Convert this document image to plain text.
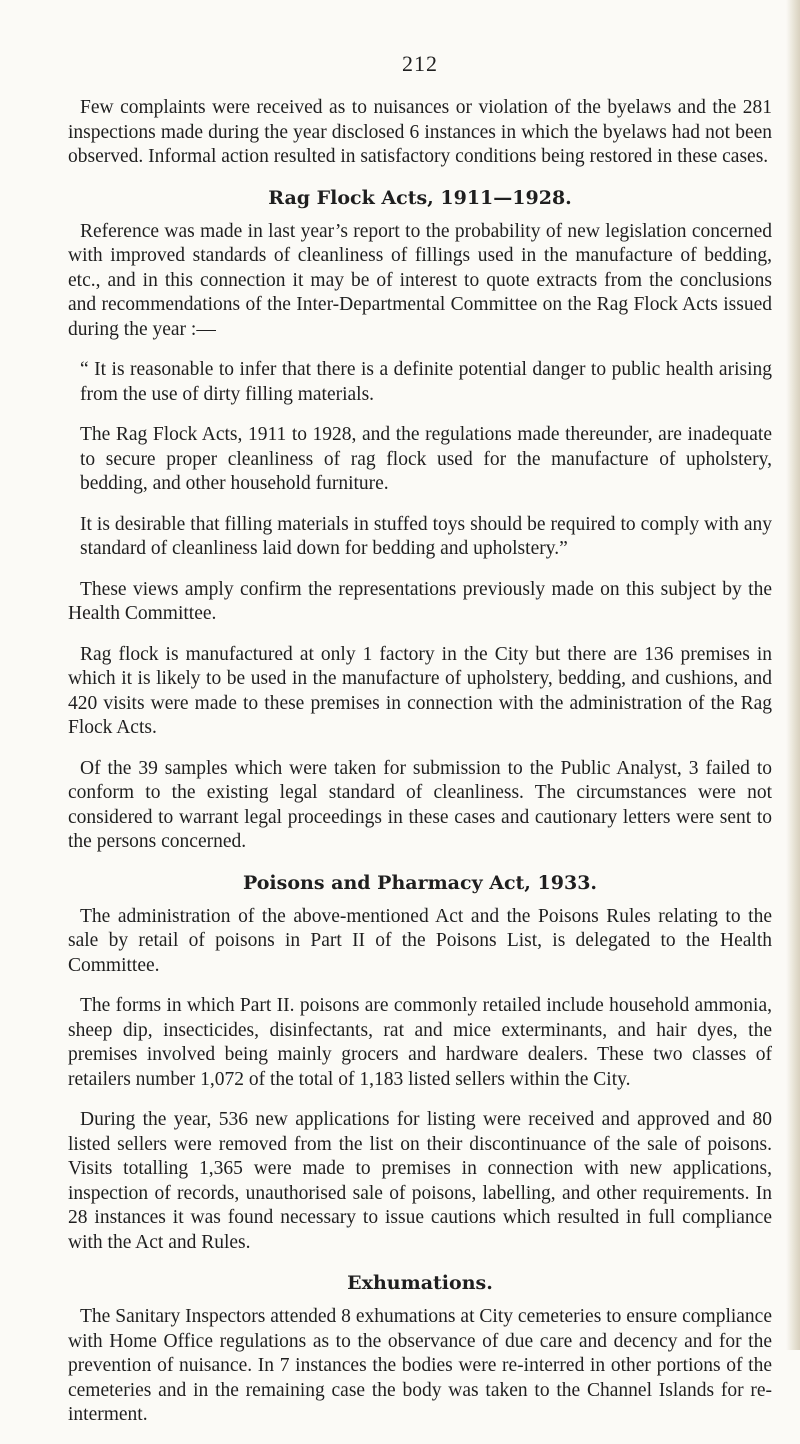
212

Few complaints were received as to nuisances or violation of the byelaws and the 281 inspections made during the year disclosed 6 instances in which the byelaws had not been observed. Informal action resulted in satisfactory conditions being restored in these cases.

Rag Flock Acts, 1911—1928.

Reference was made in last year’s report to the probability of new legislation concerned with improved standards of cleanliness of fillings used in the manufacture of bedding, etc., and in this connection it may be of interest to quote extracts from the conclusions and recommendations of the Inter-Departmental Committee on the Rag Flock Acts issued during the year :—

“ It is reasonable to infer that there is a definite potential danger to public health arising from the use of dirty filling materials.

The Rag Flock Acts, 1911 to 1928, and the regulations made thereunder, are inadequate to secure proper cleanliness of rag flock used for the manufacture of upholstery, bedding, and other household furniture.

It is desirable that filling materials in stuffed toys should be required to comply with any standard of cleanliness laid down for bedding and upholstery.”

These views amply confirm the representations previously made on this subject by the Health Committee.

Rag flock is manufactured at only 1 factory in the City but there are 136 premises in which it is likely to be used in the manufacture of upholstery, bedding, and cushions, and 420 visits were made to these premises in connection with the administration of the Rag Flock Acts.

Of the 39 samples which were taken for submission to the Public Analyst, 3 failed to conform to the existing legal standard of cleanliness. The circumstances were not considered to warrant legal proceedings in these cases and cautionary letters were sent to the persons concerned.

Poisons and Pharmacy Act, 1933.

The administration of the above-mentioned Act and the Poisons Rules relating to the sale by retail of poisons in Part II of the Poisons List, is delegated to the Health Committee.

The forms in which Part II. poisons are commonly retailed include household ammonia, sheep dip, insecticides, disinfectants, rat and mice exterminants, and hair dyes, the premises involved being mainly grocers and hardware dealers. These two classes of retailers number 1,072 of the total of 1,183 listed sellers within the City.

During the year, 536 new applications for listing were received and approved and 80 listed sellers were removed from the list on their discontinuance of the sale of poisons. Visits totalling 1,365 were made to premises in connection with new applications, inspection of records, unauthorised sale of poisons, labelling, and other requirements. In 28 instances it was found necessary to issue cautions which resulted in full compliance with the Act and Rules.

Exhumations.

The Sanitary Inspectors attended 8 exhumations at City cemeteries to ensure compliance with Home Office regulations as to the observance of due care and decency and for the prevention of nuisance. In 7 instances the bodies were re-interred in other portions of the cemeteries and in the remaining case the body was taken to the Channel Islands for re-interment.
